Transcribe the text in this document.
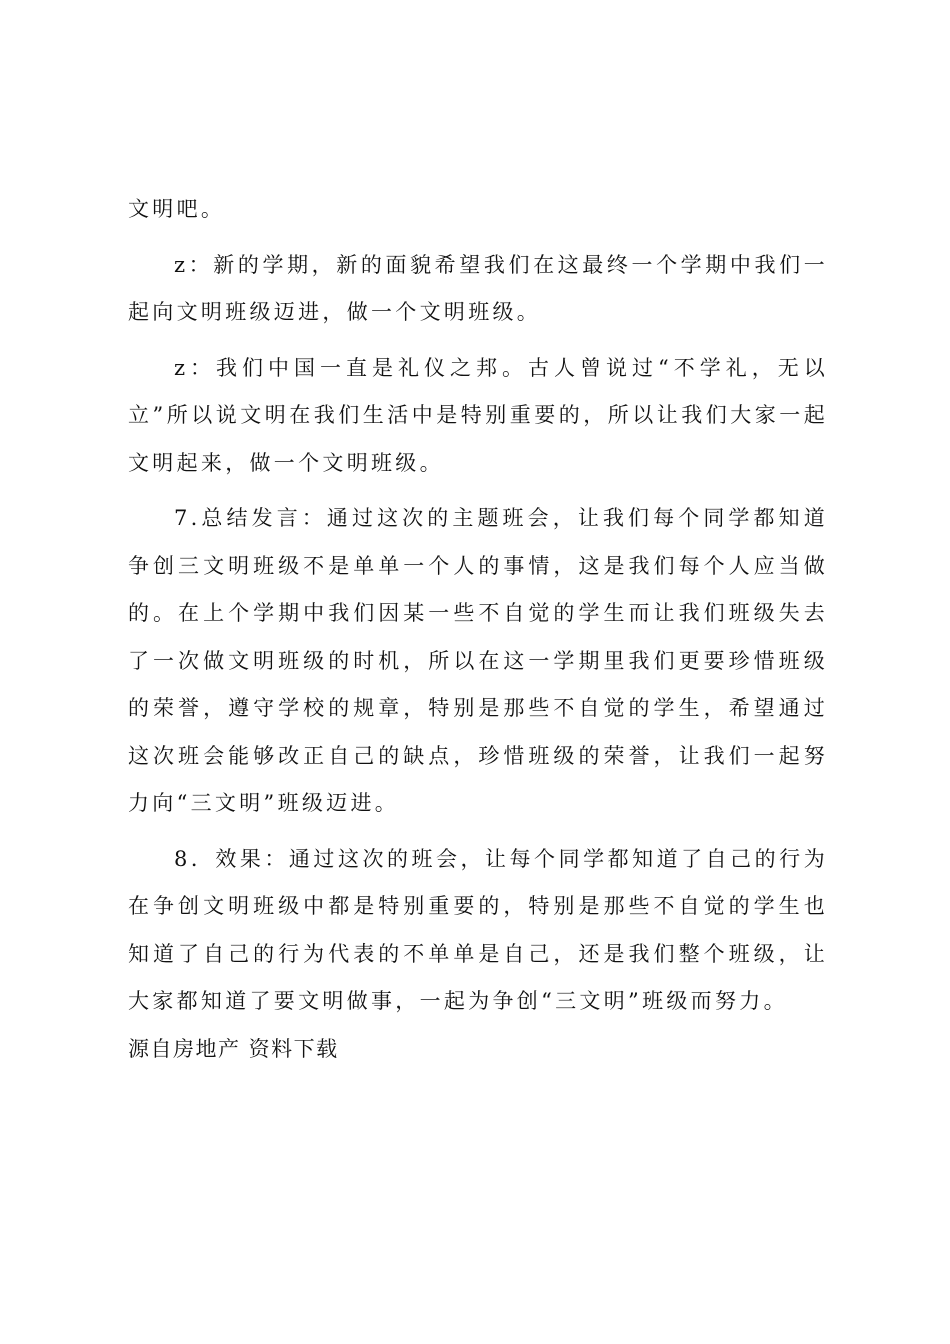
文明吧。

z：新的学期，新的面貌希望我们在这最终一个学期中我们一起向文明班级迈进，做一个文明班级。

z：我们中国一直是礼仪之邦。古人曾说过“不学礼，无以立”所以说文明在我们生活中是特别重要的，所以让我们大家一起文明起来，做一个文明班级。

7.总结发言：通过这次的主题班会，让我们每个同学都知道争创三文明班级不是单单一个人的事情，这是我们每个人应当做的。在上个学期中我们因某一些不自觉的学生而让我们班级失去了一次做文明班级的时机，所以在这一学期里我们更要珍惜班级的荣誉，遵守学校的规章，特别是那些不自觉的学生，希望通过这次班会能够改正自己的缺点，珍惜班级的荣誉，让我们一起努力向“三文明”班级迈进。

8．效果：通过这次的班会，让每个同学都知道了自己的行为在争创文明班级中都是特别重要的，特别是那些不自觉的学生也知道了自己的行为代表的不单单是自己，还是我们整个班级，让大家都知道了要文明做事，一起为争创“三文明”班级而努力。

源自房地产 资料下载
